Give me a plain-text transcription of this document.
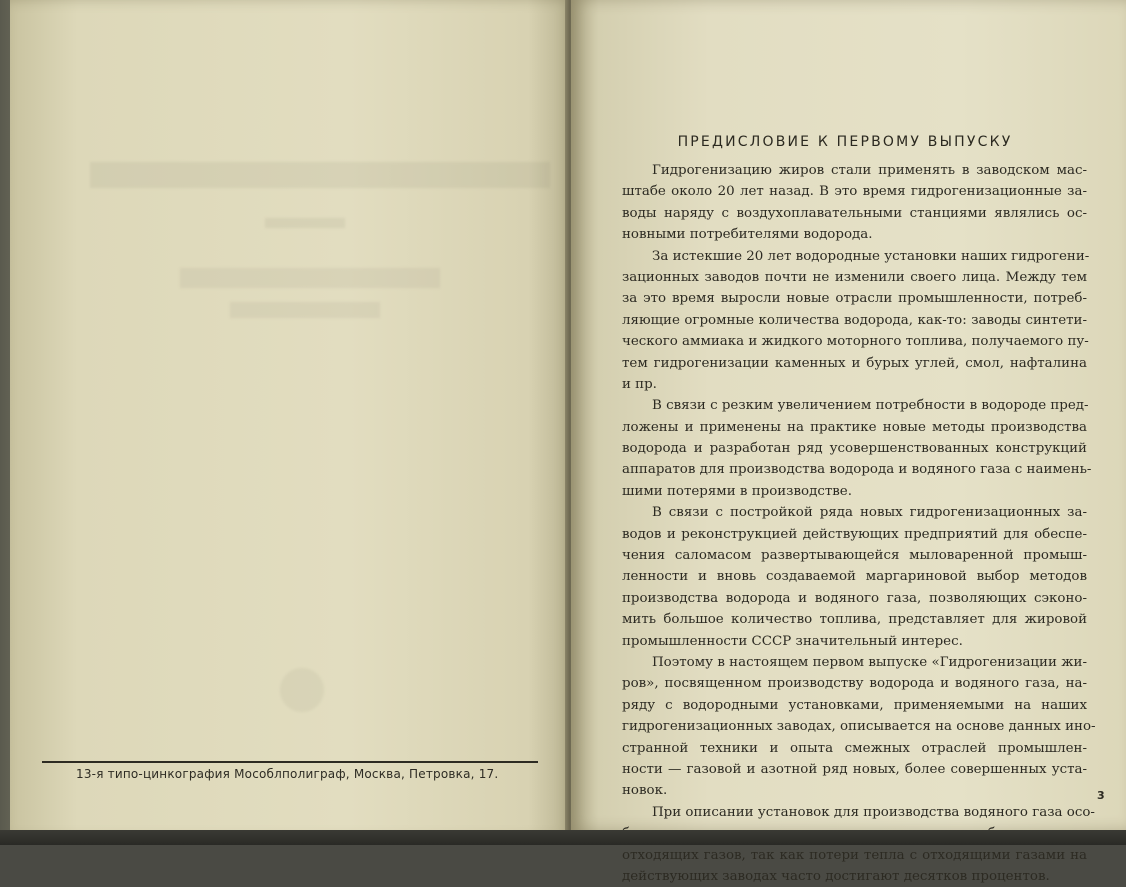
13-я типо-цинкография Мособлполиграф, Москва, Петровка, 17.
ПРЕДИСЛОВИЕ К ПЕРВОМУ ВЫПУСКУ
Гидрогенизацию жиров стали применять в заводском мас-
штабе около 20 лет назад. В это время гидрогенизационные за-
воды наряду с воздухоплавательными станциями являлись ос-
новными потребителями водорода.
За истекшие 20 лет водородные установки наших гидрогени-
зационных заводов почти не изменили своего лица. Между тем
за это время выросли новые отрасли промышленности, потреб-
ляющие огромные количества водорода, как-то: заводы синтети-
ческого аммиака и жидкого моторного топлива, получаемого пу-
тем гидрогенизации каменных и бурых углей, смол, нафталина
и пр.
В связи с резким увеличением потребности в водороде пред-
ложены и применены на практике новые методы производства
водорода и разработан ряд усовершенствованных конструкций
аппаратов для производства водорода и водяного газа с наимень-
шими потерями в производстве.
В связи с постройкой ряда новых гидрогенизационных за-
водов и реконструкцией действующих предприятий для обеспе-
чения саломасом развертывающейся мыловаренной промыш-
ленности и вновь создаваемой маргариновой выбор методов
производства водорода и водяного газа, позволяющих сэконо-
мить большое количество топлива, представляет для жировой
промышленности СССР значительный интерес.
Поэтому в настоящем первом выпуске «Гидрогенизации жи-
ров», посвященном производству водорода и водяного газа, на-
ряду с водородными установками, применяемыми на наших
гидрогенизационных заводах, описывается на основе данных ино-
странной техники и опыта смежных отраслей промышлен-
ности — газовой и азотной ряд новых, более совершенных уста-
новок.
При описании установок для производства водяного газа осо-
отходящих газов, так как потери тепла с отходящими газами на
действующих заводах часто достигают десятков процентов.
3
